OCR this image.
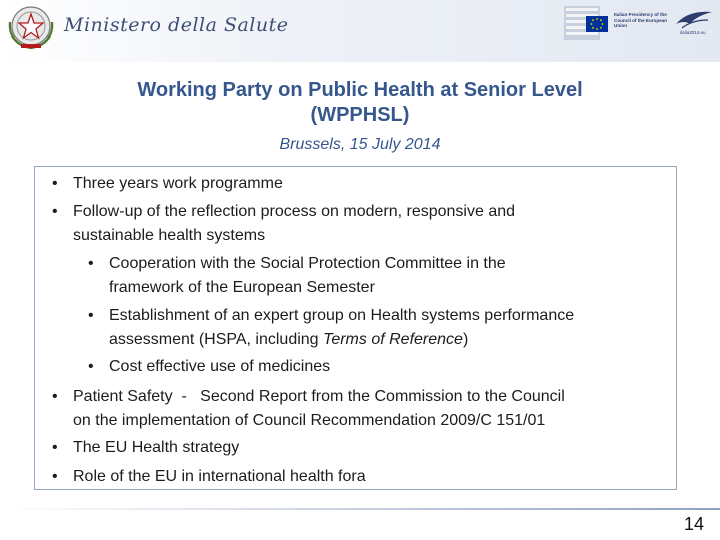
Ministero della Salute	Italian Presidency of the Council of the European Union
italia2014.eu
Working Party on Public Health at Senior Level
(WPPHSL)
Brussels, 15 July 2014
• Three years work programme
• Follow-up of the reflection process on modern, responsive and
sustainable health systems
• Cooperation with the Social Protection Committee in the
framework of the European Semester
• Establishment of an expert group on Health systems performance
assessment (HSPA, including Terms of Reference)
• Cost effective use of medicines
• Patient Safety  -   Second Report from the Commission to the Council
on the implementation of Council Recommendation 2009/C 151/01
• The EU Health strategy
• Role of the EU in international health fora
14
